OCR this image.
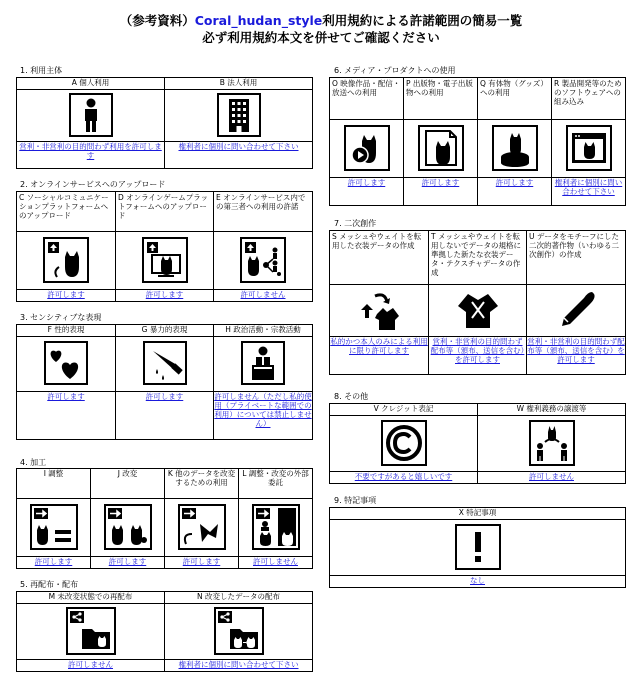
（参考資料）Coral_hudan_style利用規約による許諾範囲の簡易一覧
必ず利用規約本文を併せてご確認ください
1. 利用主体
A 個人利用	B 法人利用

営利・非営利の目的問わず利用を許可します	権利者に個別に問い合わせて下さい
2. オンラインサービスへのアップロード
C ソーシャルコミュニケーションプラットフォームへのアップロード	D オンラインゲームプラットフォームへのアップロード	E オンラインサービス内での第三者への利用の許諾

許可します	許可します	許可しません
3. センシティブな表現
F 性的表現	G 暴力的表現	H 政治活動・宗教活動

許可します	許可します	許可しません（ただし私的使用（プライベートな範囲での利用）については禁止しません）
4. 加工
I 調整	J 改変	K 他のデータを改変するための利用	L 調整・改変の外部委託

許可します	許可します	許可します	許可しません
5. 再配布・配布
M 未改変状態での再配布	N 改変したデータの配布

許可しません	権利者に個別に問い合わせて下さい
6. メディア・プロダクトへの使用
O 映像作品・配信・放送への利用	P 出版物・電子出版物への利用	Q 有体物（グッズ）への利用	R 製品開発等のためのソフトウェアへの組み込み

許可します	許可します	許可します	権利者に個別に問い合わせて下さい
7. 二次創作
S メッシュやウェイトを転用した衣装データの作成	T メッシュやウェイトを転用しないでデータの規格に準拠した新たな衣装データ・テクスチャデータの作成	U データをモチーフにした二次的著作物（いわゆる二次創作）の作成

私的かつ本人のみによる利用に限り許可します	営利・非営利の目的問わず配布等（頒布、送信を含む）を許可します	営利・非営利の目的問わず配布等（頒布、送信を含む）を許可します
8. その他
V クレジット表記	W 権利義務の譲渡等

不要ですがあると嬉しいです	許可しません
9. 特記事項
X 特記事項

なし
